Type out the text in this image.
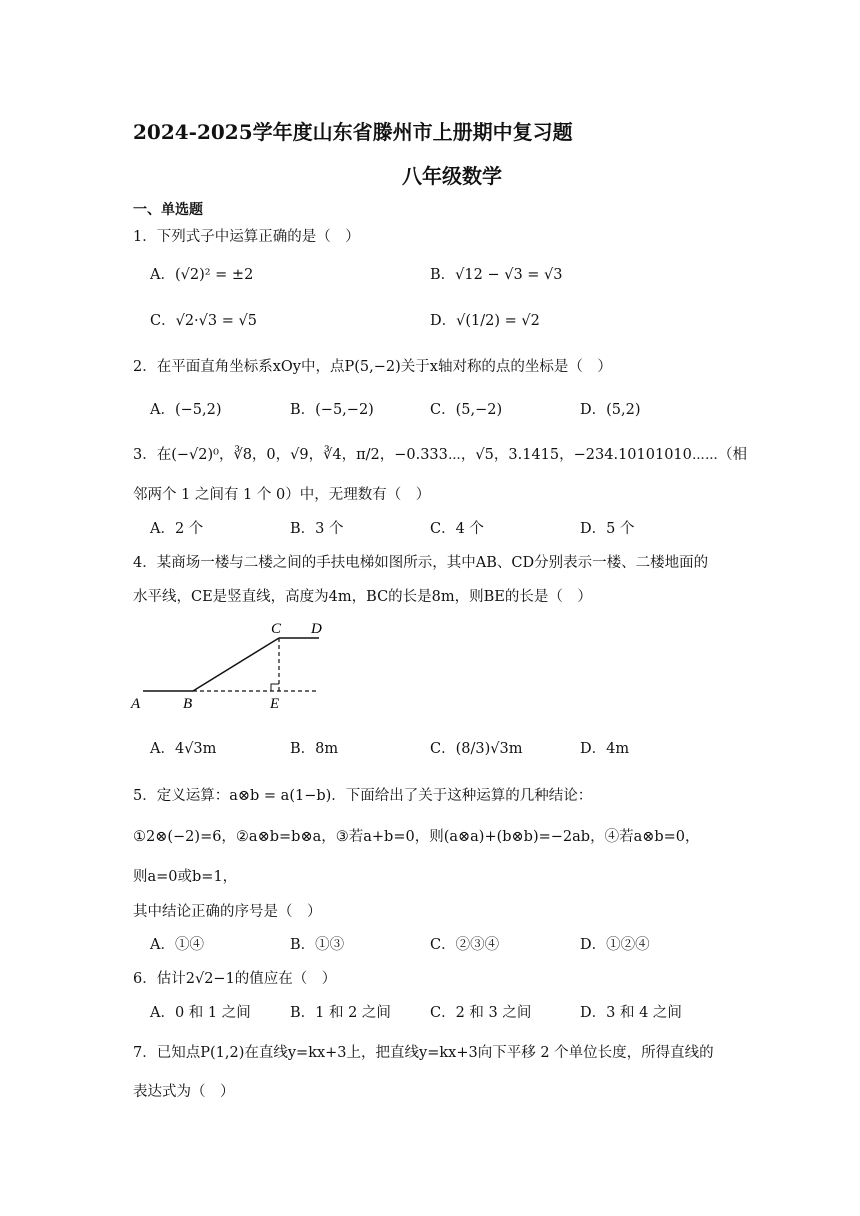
2024-2025学年度山东省滕州市上册期中复习题
八年级数学
一、单选题
1．下列式子中运算正确的是（　）
A．(√2)² = ±2	B．√12 − √3 = √3
C．√2·√3 = √5	D．√(1/2) = √2
2．在平面直角坐标系xOy中，点P(5,−2)关于x轴对称的点的坐标是（　）
A．(−5,2)	B．(−5,−2)	C．(5,−2)	D．(5,2)
3．在(−√2)⁰，∛8，0，√9，∛4，π/2，−0.333⋯，√5，3.1415，−234.10101010⋯⋯（相
邻两个 1 之间有 1 个 0）中，无理数有（　）
A．2 个	B．3 个	C．4 个	D．5 个
4．某商场一楼与二楼之间的手扶电梯如图所示，其中AB、CD分别表示一楼、二楼地面的
水平线，CE是竖直线，高度为4m，BC的长是8m，则BE的长是（　）
A	B
C D
E
A．4√3m	B．8m	C．(8/3)√3m	D．4m
5．定义运算：a⊗b = a(1−b)．下面给出了关于这种运算的几种结论：
①2⊗(−2)=6，②a⊗b=b⊗a，③若a+b=0，则(a⊗a)+(b⊗b)=−2ab，④若a⊗b=0，
则a=0或b=1，
其中结论正确的序号是（　）
A．①④	B．①③	C．②③④	D．①②④
6．估计2√2−1的值应在（　）
A．0 和 1 之间	B．1 和 2 之间	C．2 和 3 之间	D．3 和 4 之间
7．已知点P(1,2)在直线y=kx+3上，把直线y=kx+3向下平移 2 个单位长度，所得直线的
表达式为（　）
